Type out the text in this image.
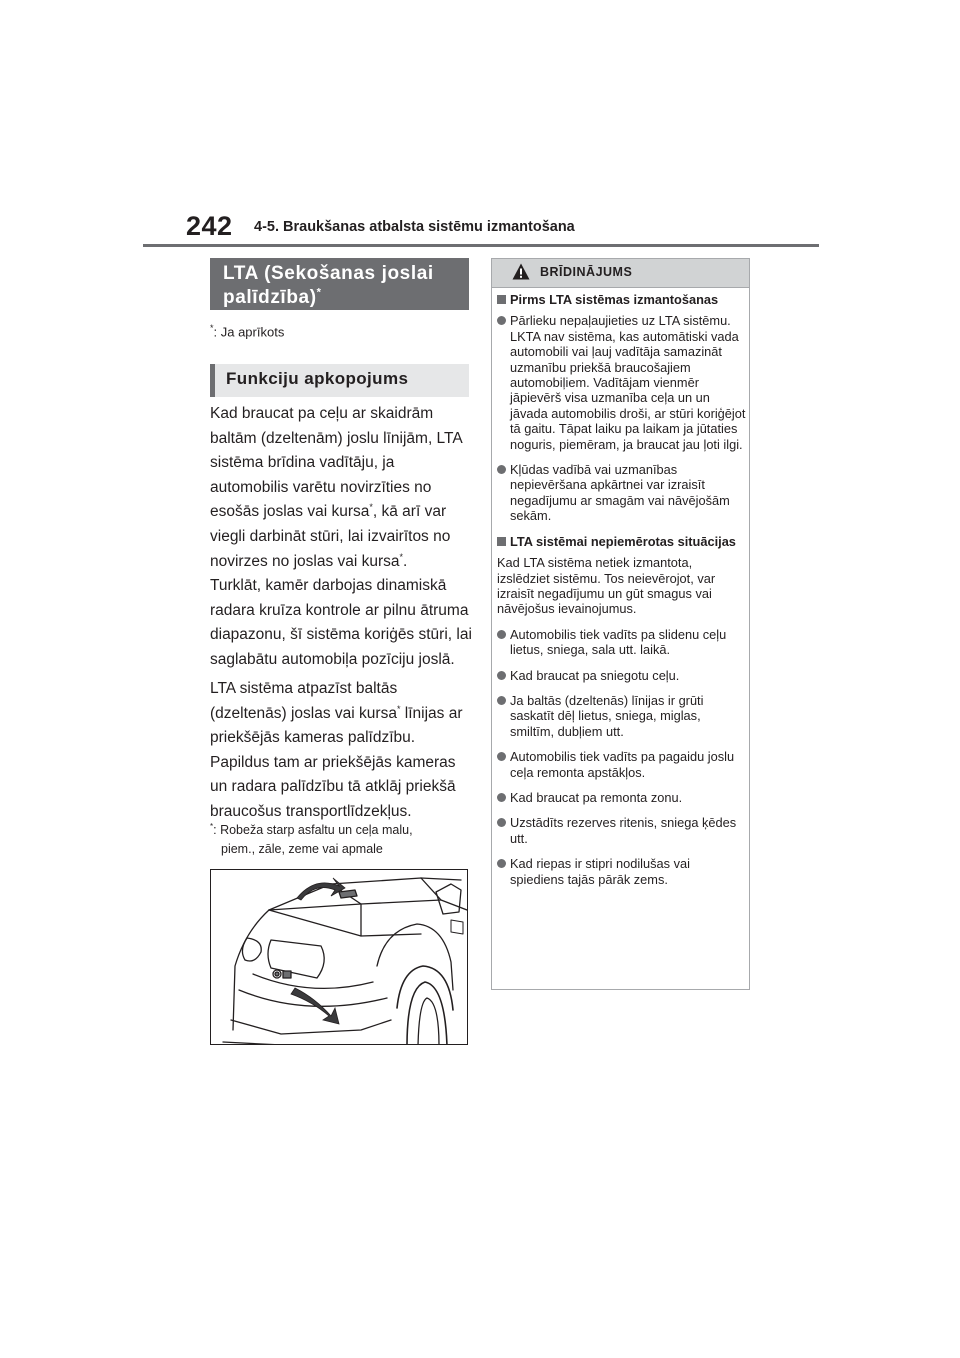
242 4-5. Braukšanas atbalsta sistēmu izmantošana
LTA (Sekošanas joslai
palīdzība)*
*: Ja aprīkots
Funkciju apkopojums

Kad braucat pa ceļu ar skaidrām baltām (dzeltenām) joslu līnijām, LTA sistēma brīdina vadītāju, ja automobilis varētu novirzīties no esošās joslas vai kursa*, kā arī var viegli darbināt stūri, lai izvairītos no novirzes no joslas vai kursa*.
Turklāt, kamēr darbojas dinamiskā radara kruīza kontrole ar pilnu ātruma diapazonu, šī sistēma koriģēs stūri, lai saglabātu automobiļa pozīciju joslā.

LTA sistēma atpazīst baltās (dzeltenās) joslas vai kursa* līnijas ar priekšējās kameras palīdzību. Papildus tam ar priekšējās kameras un radara palīdzību tā atklāj priekšā braucošus transportlīdzekļus.

*: Robeža starp asfaltu un ceļa malu,
piem., zāle, zeme vai apmale
BRĪDINĀJUMS
Pirms LTA sistēmas izmantošanas
Pārlieku nepaļaujieties uz LTA sistēmu. LKTA nav sistēma, kas automātiski vada automobili vai ļauj vadītāja samazināt uzmanību priekšā braucošajiem automobiļiem. Vadītājam vienmēr jāpievērš visa uzmanība ceļa un un jāvada automobilis droši, ar stūri koriģējot tā gaitu. Tāpat laiku pa laikam ja jūtaties noguris, piemēram, ja braucat jau ļoti ilgi.
Kļūdas vadībā vai uzmanības nepievēršana apkārtnei var izraisīt negadījumu ar smagām vai nāvējošām sekām.
LTA sistēmai nepiemērotas situācijas
Kad LTA sistēma netiek izmantota, izslēdziet sistēmu. Tos neievērojot, var izraisīt negadījumu un gūt smagus vai nāvējošus ievainojumus.
Automobilis tiek vadīts pa slidenu ceļu lietus, sniega, sala utt. laikā.
Kad braucat pa sniegotu ceļu.
Ja baltās (dzeltenās) līnijas ir grūti saskatīt dēļ lietus, sniega, miglas, smiltīm, dubļiem utt.
Automobilis tiek vadīts pa pagaidu joslu ceļa remonta apstākļos.
Kad braucat pa remonta zonu.
Uzstādīts rezerves ritenis, sniega ķēdes utt.
Kad riepas ir stipri nodilušas vai spiediens tajās pārāk zems.
